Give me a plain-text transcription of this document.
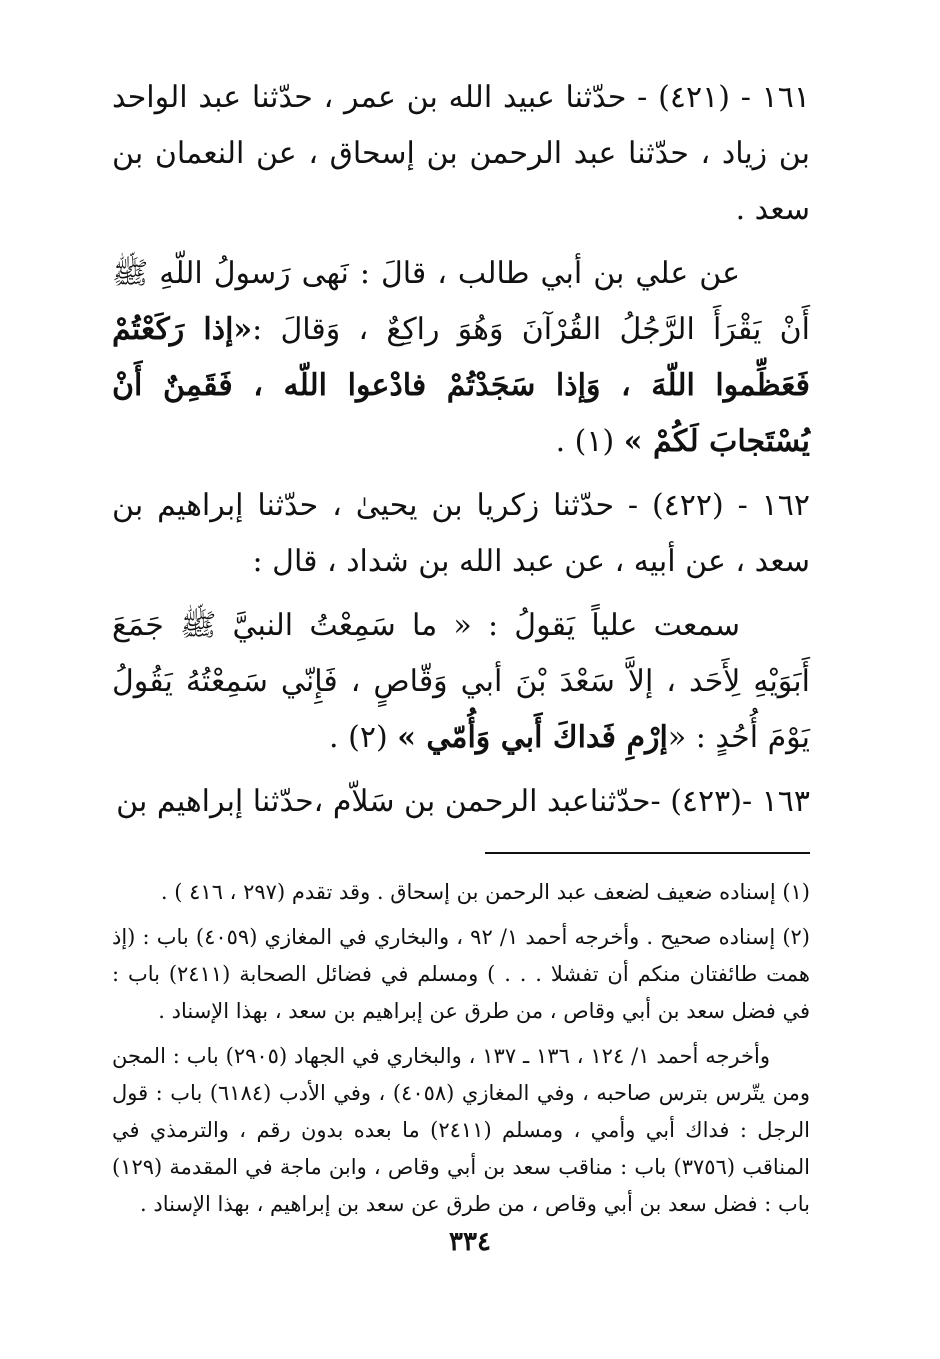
١٦١ - (٤٢١) - حدّثنا عبيد الله بن عمر ، حدّثنا عبد الواحد بن زياد ، حدّثنا عبد الرحمن بن إسحاق ، عن النعمان بن سعد .

عن علي بن أبي طالب ، قالَ : نَهى رَسولُ اللّهِ ﷺ أَنْ يَقْرَأَ الرَّجُلُ القُرْآنَ وَهُوَ راكِعٌ ، وَقالَ :«إذا رَكَعْتُمْ فَعَظِّموا اللّهَ ، وَإذا سَجَدْتُمْ فادْعوا اللّه ، فَقَمِنٌ أَنْ يُسْتَجابَ لَكُمْ » (١) .

١٦٢ - (٤٢٢) - حدّثنا زكريا بن يحيىٰ ، حدّثنا إبراهيم بن سعد ، عن أبيه ، عن عبد الله بن شداد ، قال :

سمعت علياً يَقولُ : « ما سَمِعْتُ النبيَّ ﷺ جَمَعَ أَبَوَيْهِ لِأَحَد ، إلاَّ سَعْدَ بْنَ أبي وَقّاصٍ ، فَإِنّي سَمِعْتُهُ يَقُولُ يَوْمَ أُحُدٍ : «إرْمِ فَداكَ أَبي وَأُمّي » (٢) .

١٦٣ -(٤٢٣) -حدّثناعبد الرحمن بن سَلاّم ،حدّثنا إبراهيم بن

(١) إسناده ضعيف لضعف عبد الرحمن بن إسحاق . وقد تقدم (٢٩٧ ، ٤١٦ ) .

(٢) إسناده صحيح . وأخرجه أحمد ١/ ٩٢ ، والبخاري في المغازي (٤٠٥٩) باب : (إذ همت طائفتان منكم أن تفشلا . . . ) ومسلم في فضائل الصحابة (٢٤١١) باب : في فضل سعد بن أبي وقاص ، من طرق عن إبراهيم بن سعد ، بهذا الإسناد .

وأخرجه أحمد ١/ ١٢٤ ، ١٣٦ ـ ١٣٧ ، والبخاري في الجهاد (٢٩٠٥) باب : المجن ومن يتّرس بترس صاحبه ، وفي المغازي (٤٠٥٨) ، وفي الأدب (٦١٨٤) باب : قول الرجل : فداك أبي وأمي ، ومسلم (٢٤١١) ما بعده بدون رقم ، والترمذي في المناقب (٣٧٥٦) باب : مناقب سعد بن أبي وقاص ، وابن ماجة في المقدمة (١٢٩) باب : فضل سعد بن أبي وقاص ، من طرق عن سعد بن إبراهيم ، بهذا الإسناد .

٣٣٤
